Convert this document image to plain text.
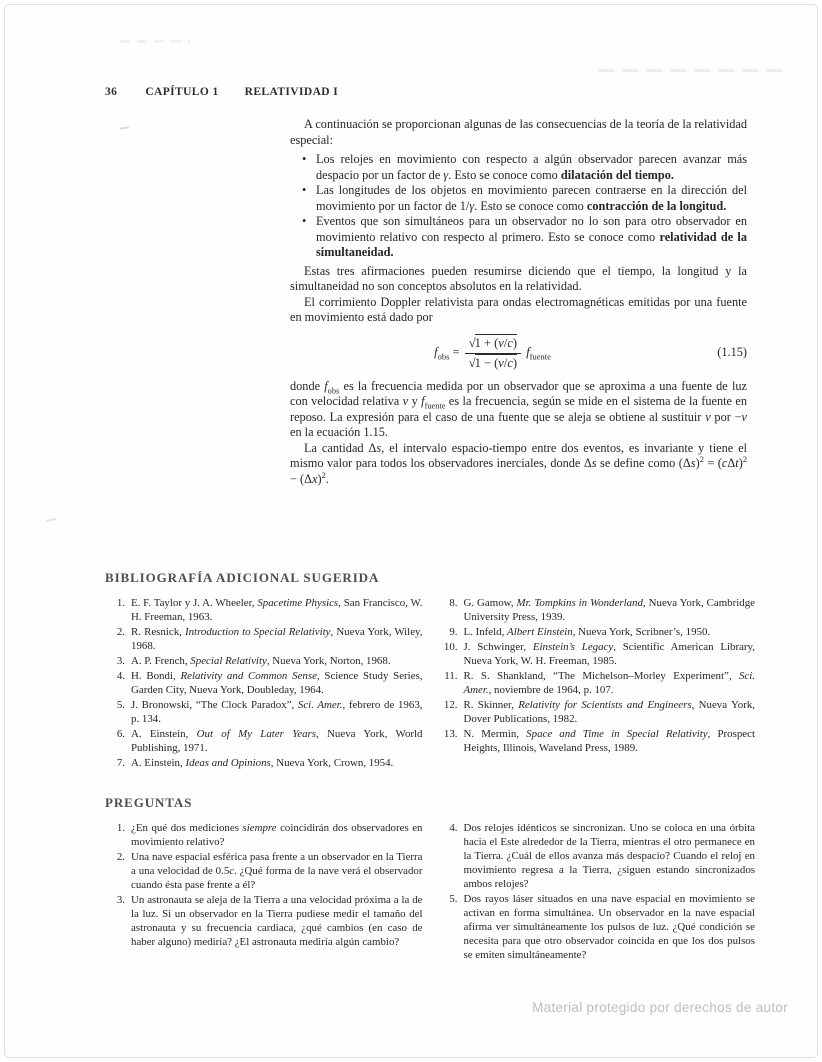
36 CAPÍTULO 1 RELATIVIDAD I

A continuación se proporcionan algunas de las consecuencias de la teoría de la relatividad especial:

• Los relojes en movimiento con respecto a algún observador parecen avanzar más despacio por un factor de γ. Esto se conoce como dilatación del tiempo.
• Las longitudes de los objetos en movimiento parecen contraerse en la dirección del movimiento por un factor de 1/γ. Esto se conoce como contracción de la longitud.
• Eventos que son simultáneos para un observador no lo son para otro observador en movimiento relativo con respecto al primero. Esto se conoce como relatividad de la simultaneidad.

Estas tres afirmaciones pueden resumirse diciendo que el tiempo, la longitud y la simultaneidad no son conceptos absolutos en la relatividad.

El corrimiento Doppler relativista para ondas electromagnéticas emitidas por una fuente en movimiento está dado por

$f_{obs} = \frac{√1 + (v/c)}{√1 - (v/c)} f_{fuente}$	(1.15)

donde $f_{obs}$ es la frecuencia medida por un observador que se aproxima a una fuente de luz con velocidad relativa v y $f_{fuente}$ es la frecuencia, según se mide en el sistema de la fuente en reposo. La expresión para el caso de una fuente que se aleja se obtiene al sustituir v por −v en la ecuación 1.15.

La cantidad Δs, el intervalo espacio-tiempo entre dos eventos, es invariante y tiene el mismo valor para todos los observadores inerciales, donde Δs se define como $(\Delta s)^2 = (c\Delta t)^2 - (\Delta x)^2$.

BIBLIOGRAFÍA ADICIONAL SUGERIDA
1. E. F. Taylor y J. A. Wheeler, Spacetime Physics, San Francisco, W. H. Freeman, 1963.
2. R. Resnick, Introduction to Special Relativity, Nueva York, Wiley, 1968.
3. A. P. French, Special Relativity, Nueva York, Norton, 1968.
4. H. Bondi, Relativity and Common Sense, Science Study Series, Garden City, Nueva York, Doubleday, 1964.
5. J. Bronowski, “The Clock Paradox”, Sci. Amer., febrero de 1963, p. 134.
6. A. Einstein, Out of My Later Years, Nueva York, World Publishing, 1971.
7. A. Einstein, Ideas and Opinions, Nueva York, Crown, 1954.
8. G. Gamow, Mr. Tompkins in Wonderland, Nueva York, Cambridge University Press, 1939.
9. L. Infeld, Albert Einstein, Nueva York, Scribner’s, 1950.
10. J. Schwinger, Einstein’s Legacy, Scientific American Library, Nueva York, W. H. Freeman, 1985.
11. R. S. Shankland, “The Michelson–Morley Experiment”, Sci. Amer., noviembre de 1964, p. 107.
12. R. Skinner, Relativity for Scientists and Engineers, Nueva York, Dover Publications, 1982.
13. N. Mermin, Space and Time in Special Relativity, Prospect Heights, Illinois, Waveland Press, 1989.
PREGUNTAS
1. ¿En qué dos mediciones siempre coincidirán dos observadores en movimiento relativo?
2. Una nave espacial esférica pasa frente a un observador en la Tierra a una velocidad de 0.5c. ¿Qué forma de la nave verá el observador cuando ésta pase frente a él?
3. Un astronauta se aleja de la Tierra a una velocidad próxima a la de la luz. Si un observador en la Tierra pudiese medir el tamaño del astronauta y su frecuencia cardiaca, ¿qué cambios (en caso de haber alguno) mediría? ¿El astronauta mediría algún cambio?
4. Dos relojes idénticos se sincronizan. Uno se coloca en una órbita hacia el Este alrededor de la Tierra, mientras el otro permanece en la Tierra. ¿Cuál de ellos avanza más despacio? Cuando el reloj en movimiento regresa a la Tierra, ¿siguen estando sincronizados ambos relojes?
5. Dos rayos láser situados en una nave espacial en movimiento se activan en forma simultánea. Un observador en la nave espacial afirma ver simultáneamente los pulsos de luz. ¿Qué condición se necesita para que otro observador coincida en que los dos pulsos se emiten simultáneamente?
Material protegido por derechos de autor
